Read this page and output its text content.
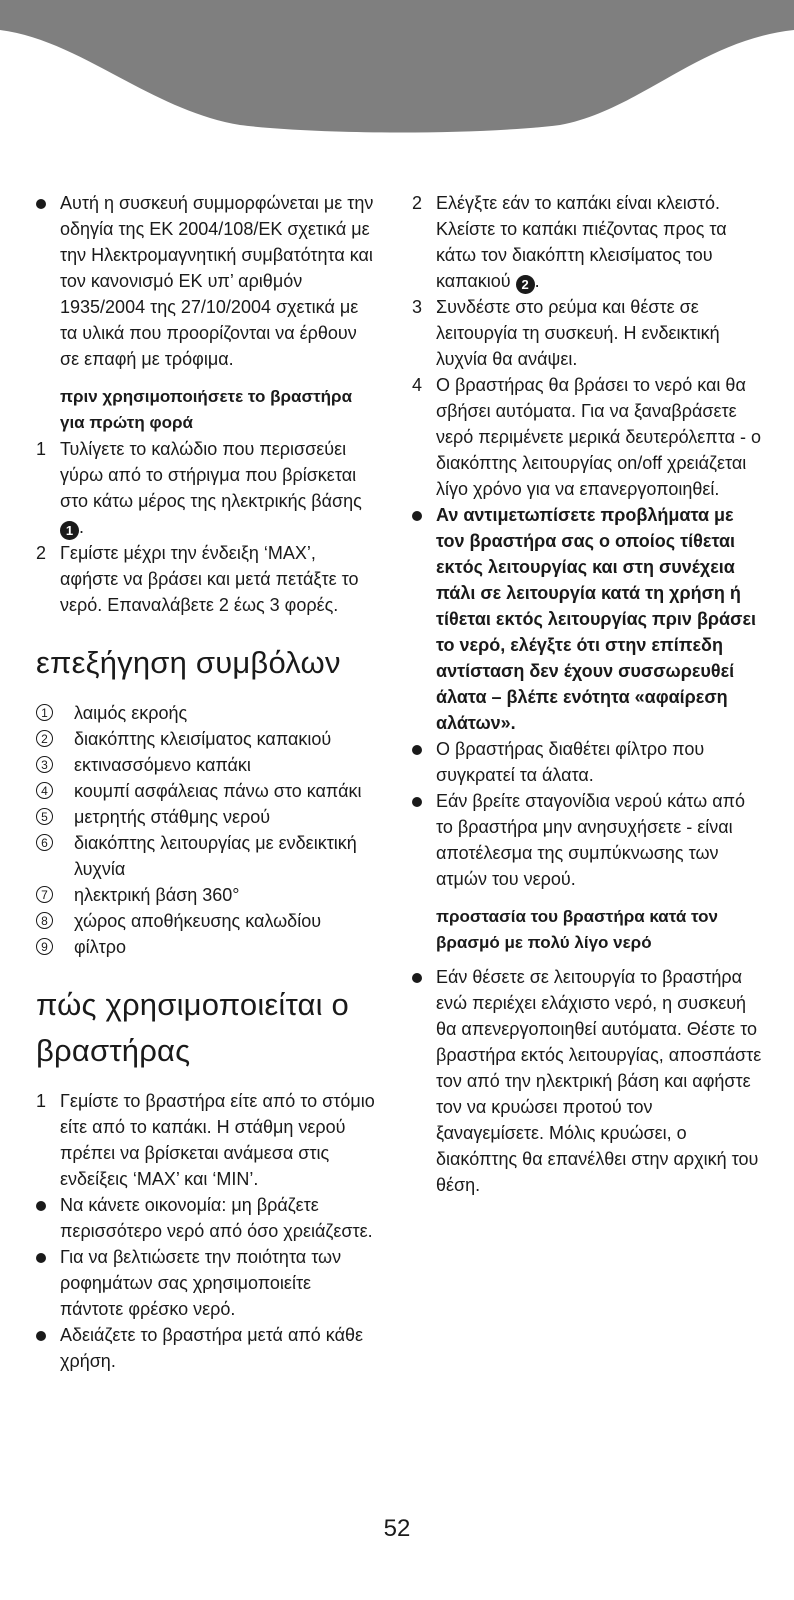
Αυτή η συσκευή συμμορφώνεται με την οδηγία της ΕΚ 2004/108/ΕΚ σχετικά με την Ηλεκτρομαγνητική συμβατότητα και τον κανονισμό ΕΚ υπ’ αριθμόν 1935/2004 της 27/10/2004 σχετικά με τα υλικά που προορίζονται να έρθουν σε επαφή με τρόφιμα.
πριν χρησιμοποιήσετε το βραστήρα για πρώτη φορά
1 Τυλίγετε το καλώδιο που περισσεύει γύρω από το στήριγμα που βρίσκεται στο κάτω μέρος της ηλεκτρικής βάσης 1 .
2 Γεμίστε μέχρι την ένδειξη ‘MAX’, αφήστε να βράσει και μετά πετάξτε το νερό. Επαναλάβετε 2 έως 3 φορές.
επεξήγηση συμβόλων
1 λαιμός εκροής
2 διακόπτης κλεισίματος καπακιού
3 εκτινασσόμενο καπάκι
4 κουμπί ασφάλειας πάνω στο καπάκι
5 μετρητής στάθμης νερού
6 διακόπτης λειτουργίας με ενδεικτική λυχνία
7 ηλεκτρική βάση 360°
8 χώρος αποθήκευσης καλωδίου
9 φίλτρο
πώς χρησιμοποιείται ο βραστήρας
1 Γεμίστε το βραστήρα είτε από το στόμιο είτε από το καπάκι. Η στάθμη νερού πρέπει να βρίσκεται ανάμεσα στις ενδείξεις ‘MAX’ και ‘MIN’.
Να κάνετε οικονομία: μη βράζετε περισσότερο νερό από όσο χρειάζεστε.
Για να βελτιώσετε την ποιότητα των ροφημάτων σας χρησιμοποιείτε πάντοτε φρέσκο νερό.
Αδειάζετε το βραστήρα μετά από κάθε χρήση.
2 Ελέγξτε εάν το καπάκι είναι κλειστό. Κλείστε το καπάκι πιέζοντας προς τα κάτω τον διακόπτη κλεισίματος του καπακιού 2 .
3 Συνδέστε στο ρεύμα και θέστε σε λειτουργία τη συσκευή. Η ενδεικτική λυχνία θα ανάψει.
4 Ο βραστήρας θα βράσει το νερό και θα σβήσει αυτόματα. Για να ξαναβράσετε νερό περιμένετε μερικά δευτερόλεπτα - ο διακόπτης λειτουργίας on/off χρειάζεται λίγο χρόνο για να επανεργοποιηθεί.
Αν αντιμετωπίσετε προβλήματα με τον βραστήρα σας ο οποίος τίθεται εκτός λειτουργίας και στη συνέχεια πάλι σε λειτουργία κατά τη χρήση ή τίθεται εκτός λειτουργίας πριν βράσει το νερό, ελέγξτε ότι στην επίπεδη αντίσταση δεν έχουν συσσωρευθεί άλατα – βλέπε ενότητα «αφαίρεση αλάτων».
Ο βραστήρας διαθέτει φίλτρο που συγκρατεί τα άλατα.
Εάν βρείτε σταγονίδια νερού κάτω από το βραστήρα μην ανησυχήσετε - είναι αποτέλεσμα της συμπύκνωσης των ατμών του νερού.
προστασία του βραστήρα κατά τον βρασμό με πολύ λίγο νερό
Εάν θέσετε σε λειτουργία το βραστήρα ενώ περιέχει ελάχιστο νερό, η συσκευή θα απενεργοποιηθεί αυτόματα. Θέστε το βραστήρα εκτός λειτουργίας, αποσπάστε τον από την ηλεκτρική βάση και αφήστε τον να κρυώσει προτού τον ξαναγεμίσετε. Μόλις κρυώσει, ο διακόπτης θα επανέλθει στην αρχική του θέση.
52
